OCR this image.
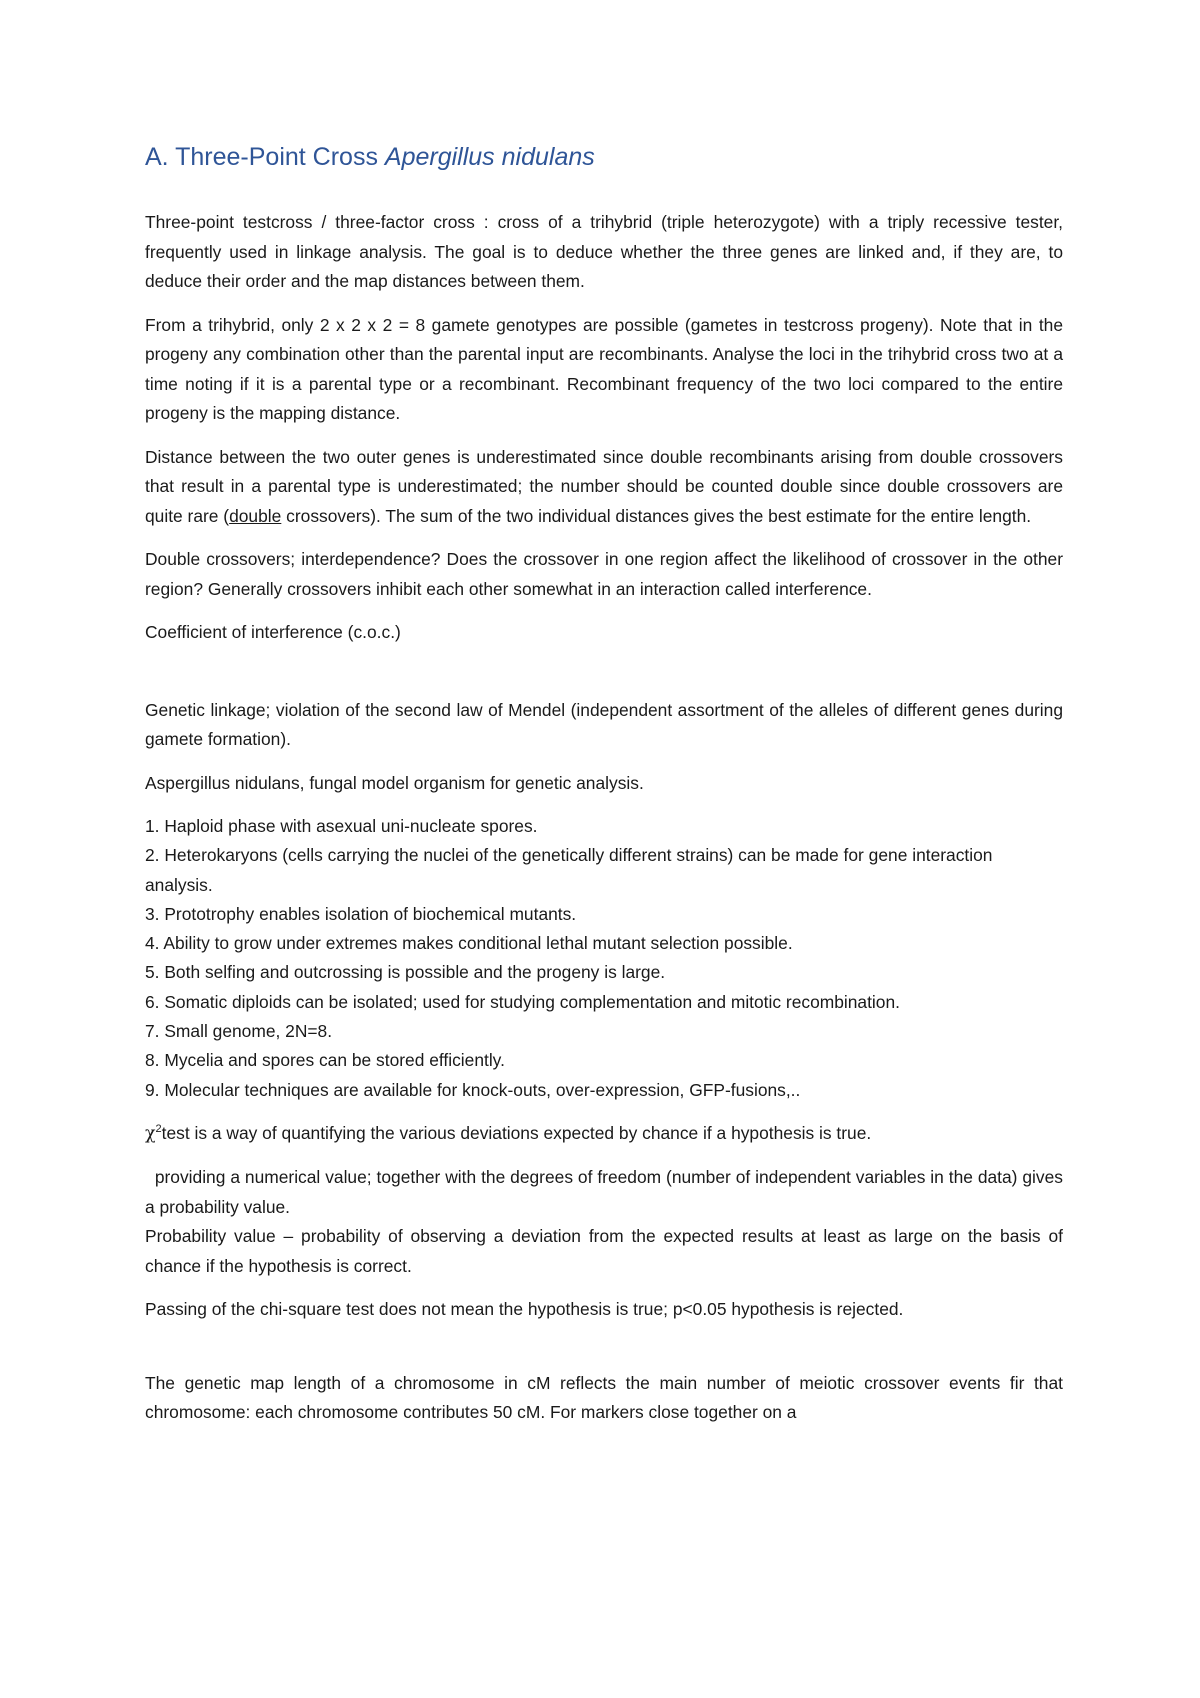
A. Three-Point Cross Apergillus nidulans

Three-point testcross / three-factor cross : cross of a trihybrid (triple heterozygote) with a triply recessive tester, frequently used in linkage analysis. The goal is to deduce whether the three genes are linked and, if they are, to deduce their order and the map distances between them.

From a trihybrid, only 2 x 2 x 2 = 8 gamete genotypes are possible (gametes in testcross progeny). Note that in the progeny any combination other than the parental input are recombinants. Analyse the loci in the trihybrid cross two at a time noting if it is a parental type or a recombinant. Recombinant frequency of the two loci compared to the entire progeny is the mapping distance.

Distance between the two outer genes is underestimated since double recombinants arising from double crossovers that result in a parental type is underestimated; the number should be counted double since double crossovers are quite rare (double crossovers). The sum of the two individual distances gives the best estimate for the entire length.

Double crossovers; interdependence? Does the crossover in one region affect the likelihood of crossover in the other region? Generally crossovers inhibit each other somewhat in an interaction called interference.

Coefficient of interference (c.o.c.)

Genetic linkage; violation of the second law of Mendel (independent assortment of the alleles of different genes during gamete formation).

Aspergillus nidulans, fungal model organism for genetic analysis.

1. Haploid phase with asexual uni-nucleate spores.
2. Heterokaryons (cells carrying the nuclei of the genetically different strains) can be made for gene interaction analysis.
3. Prototrophy enables isolation of biochemical mutants.
4. Ability to grow under extremes makes conditional lethal mutant selection possible.
5. Both selfing and outcrossing is possible and the progeny is large.
6. Somatic diploids can be isolated; used for studying complementation and mitotic recombination.
7. Small genome, 2N=8.
8. Mycelia and spores can be stored efficiently.
9. Molecular techniques are available for knock-outs, over-expression, GFP-fusions,..

$\chi^2test$ is a way of quantifying the various deviations expected by chance if a hypothesis is true.

providing a numerical value; together with the degrees of freedom (number of independent variables in the data) gives a probability value.
Probability value – probability of observing a deviation from the expected results at least as large on the basis of chance if the hypothesis is correct.

Passing of the chi-square test does not mean the hypothesis is true; p<0.05 hypothesis is rejected.

The genetic map length of a chromosome in cM reflects the main number of meiotic crossover events fir that chromosome: each chromosome contributes 50 cM. For markers close together on a
